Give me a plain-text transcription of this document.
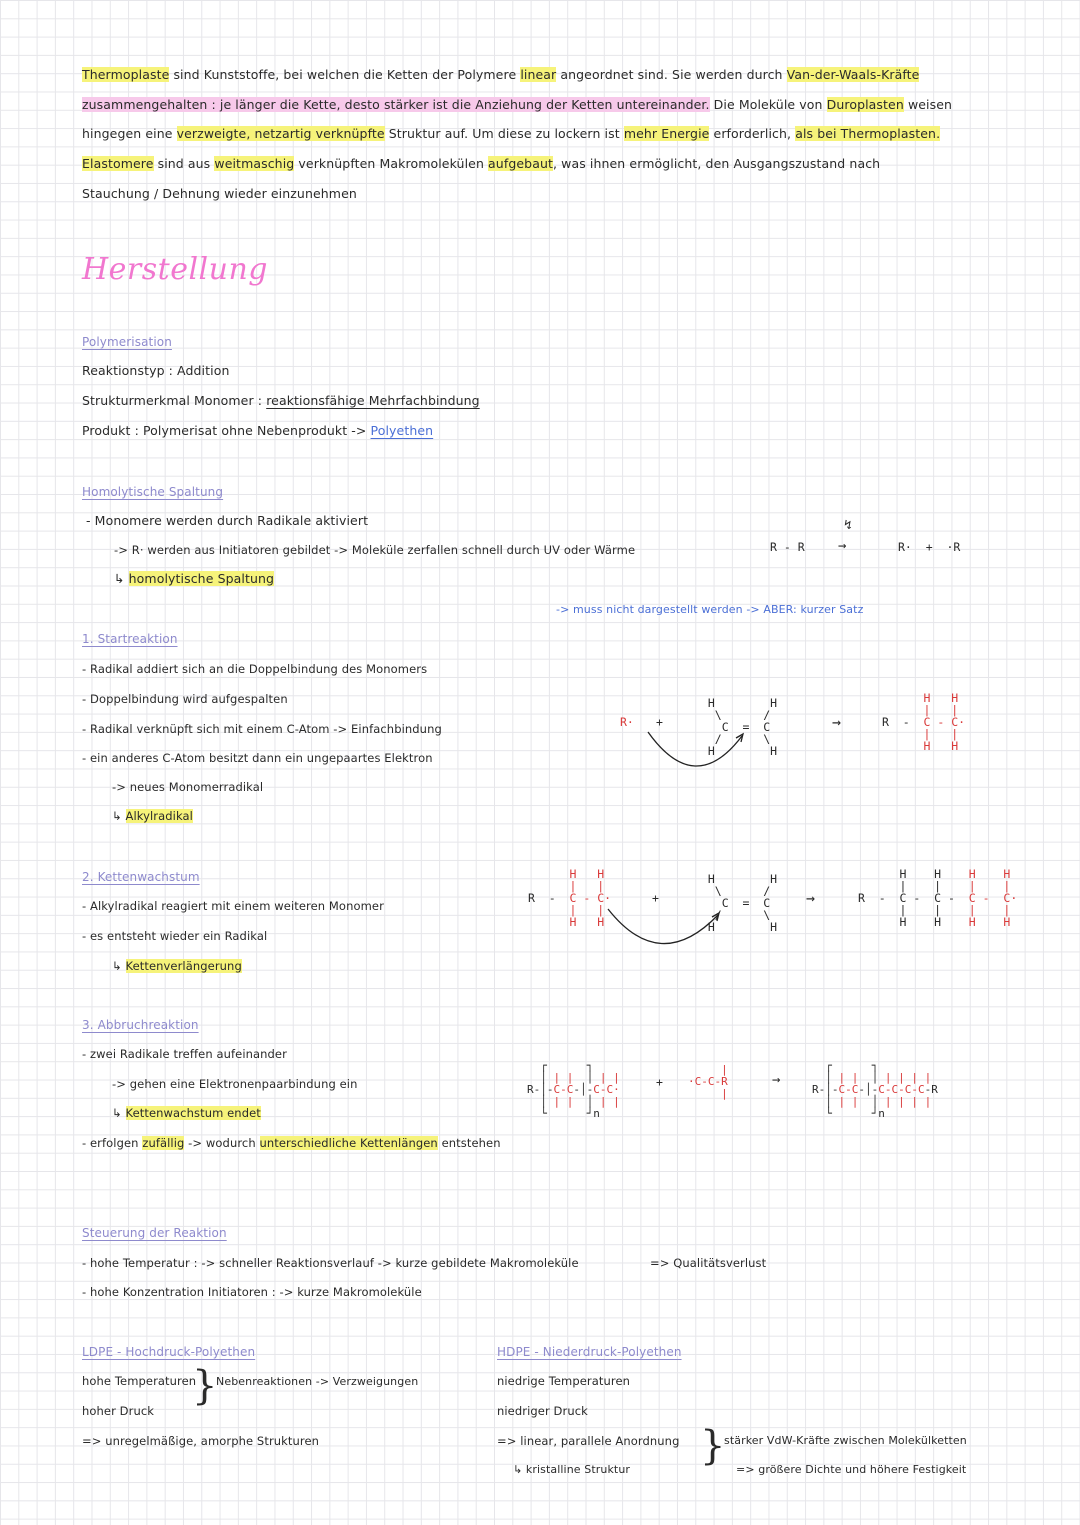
Thermoplaste sind Kunststoffe, bei welchen die Ketten der Polymere linear angeordnet sind. Sie werden durch Van-der-Waals-Kräfte
zusammengehalten : je länger die Kette, desto stärker ist die Anziehung der Ketten untereinander. Die Moleküle von Duroplasten weisen
hingegen eine verzweigte, netzartig verknüpfte Struktur auf. Um diese zu lockern ist mehr Energie erforderlich, als bei Thermoplasten.
Elastomere sind aus weitmaschig verknüpften Makromolekülen aufgebaut, was ihnen ermöglicht, den Ausgangszustand nach
Stauchung / Dehnung wieder einzunehmen
Herstellung
Polymerisation
Reaktionstyp : Addition
Strukturmerkmal Monomer : reaktionsfähige Mehrfachbindung
Produkt : Polymerisat ohne Nebenprodukt -> Polyethen
Homolytische Spaltung
- Monomere werden durch Radikale aktiviert
-> R· werden aus Initiatoren gebildet -> Moleküle zerfallen schnell durch UV oder Wärme
↳ homolytische Spaltung
R - R →
↯
R·  +  ·R
-> muss nicht dargestellt werden -> ABER: kurzer Satz
1. Startreaktion
- Radikal addiert sich an die Doppelbindung des Monomers
- Doppelbindung wird aufgespalten
- Radikal verknüpft sich mit einem C-Atom -> Einfachbindung
- ein anderes C-Atom besitzt dann ein ungepaartes Elektron
-> neues Monomerradikal
↳ Alkylradikal
R· +
H        H
\      /
C  =  C
/      \
H        H
→
H   H
|   |
R  -  C - C·
|   |
H   H
2. Kettenwachstum
- Alkylradikal reagiert mit einem weiteren Monomer
- es entsteht wieder ein Radikal
↳ Kettenverlängerung
H   H
|   |
R  -  C - C·
|   |
H   H
+
H        H
\      /
C  =  C
/      \
H        H
→
H    H    H    H
|    |    |    |
R  -  C -  C -  C -  C·
|    |    |    |
H    H    H    H
3. Abbruchreaktion
- zwei Radikale treffen aufeinander
-> gehen eine Elektronenpaarbindung ein
↳ Kettenwachstum endet
- erfolgen zufällig -> wodurch unterschiedliche Kettenlängen entstehen
┌      ┐
│ | |  │ | |
R-│-C-C-│-C-C·
│ | |  │ | |
└      ┘n
+
|
·C-C-R
|
→
┌      ┐
│ | |  │ | | | |
R-│-C-C-│-C-C-C-C-R
│ | |  │ | | | |
└      ┘n
Steuerung der Reaktion
- hohe Temperatur : -> schneller Reaktionsverlauf -> kurze gebildete Makromoleküle	=> Qualitätsverlust
- hohe Konzentration Initiatoren : -> kurze Makromoleküle
LDPE - Hochdruck-Polyethen
hohe Temperaturen
hoher Druck
}
Nebenreaktionen -> Verzweigungen
=> unregelmäßige, amorphe Strukturen
HDPE - Niederdruck-Polyethen
niedrige Temperaturen
niedriger Druck
=> linear, parallele Anordnung
↳ kristalline Struktur
}
stärker VdW-Kräfte zwischen Molekülketten
=> größere Dichte und höhere Festigkeit
